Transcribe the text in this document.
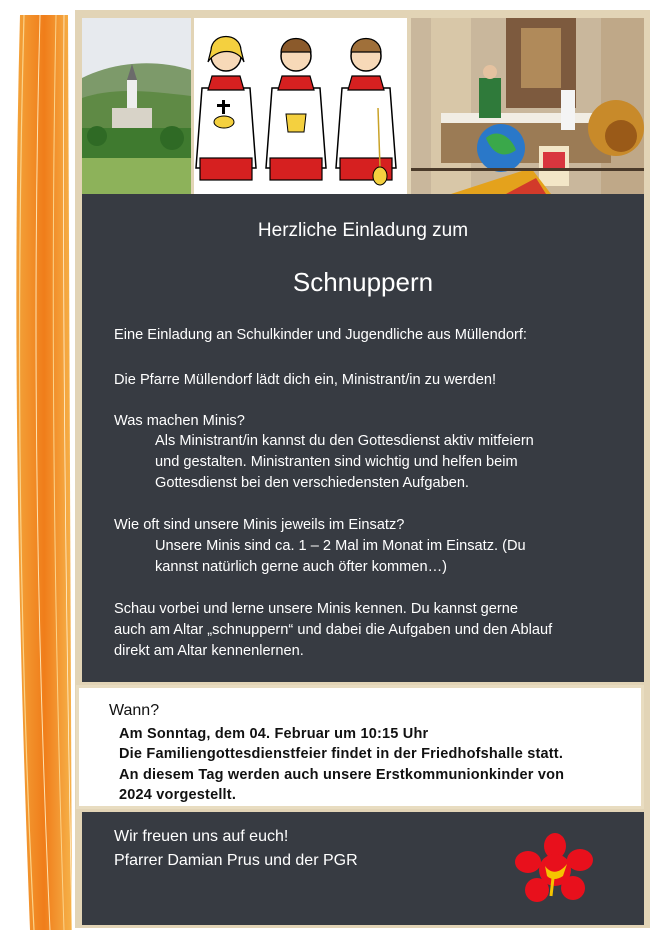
Herzliche Einladung zum
Schnuppern
Eine Einladung an Schulkinder und Jugendliche aus Müllendorf:
Die Pfarre Müllendorf lädt dich ein, Ministrant/in zu werden!
Was machen Minis?
Als Ministrant/in kannst du den Gottesdienst aktiv mitfeiern
und gestalten. Ministranten sind wichtig und helfen beim
Gottesdienst bei den verschiedensten Aufgaben.
Wie oft sind unsere Minis jeweils im Einsatz?
Unsere Minis sind ca. 1 – 2 Mal im Monat im Einsatz. (Du
kannst natürlich gerne auch öfter kommen…)
Schau vorbei und lerne unsere Minis kennen. Du kannst gerne
auch am Altar „schnuppern“ und dabei die Aufgaben und den Ablauf
direkt am Altar kennenlernen.
Wann?
Am Sonntag, dem 04. Februar um 10:15 Uhr
Die Familiengottesdienstfeier findet in der Friedhofshalle statt.
An diesem Tag werden auch unsere Erstkommunionkinder von
2024 vorgestellt.
Wir freuen uns auf euch!
Pfarrer Damian Prus und der PGR
